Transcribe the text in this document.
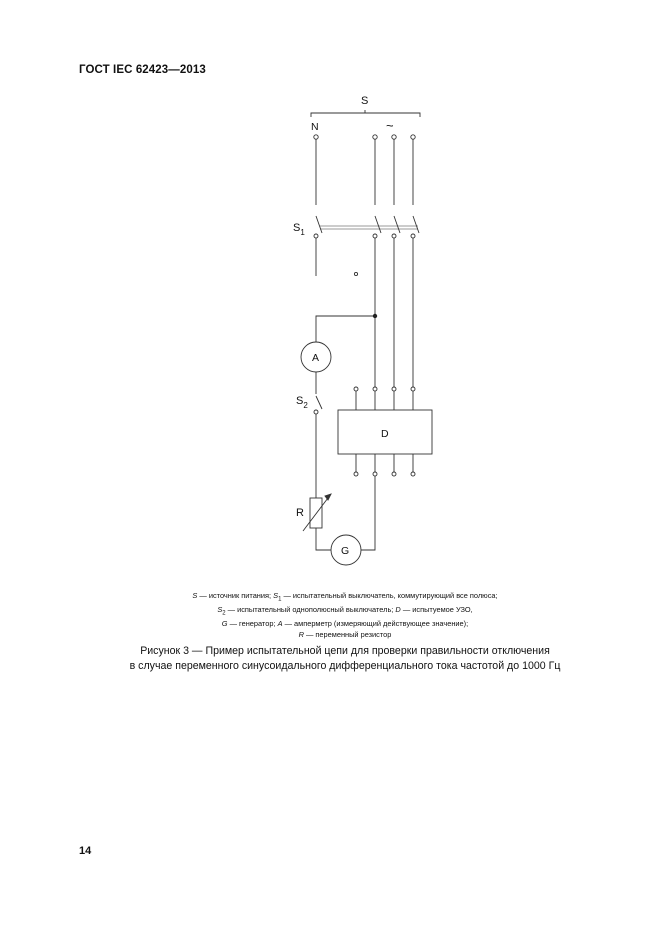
ГОСТ IEC 62423—2013
S
N	~
$S_1$
A
$S_2$
D
R
G
S — источник питания; $S_1$ — испытательный выключатель, коммутирующий все полюса;
$S_2$ — испытательный однополюсный выключатель; D — испытуемое УЗО,
G — генератор; A — амперметр (измеряющий действующее значение);
R — переменный резистор
Рисунок 3 — Пример испытательной цепи для проверки правильности отключения
в случае переменного синусоидального дифференциального тока частотой до 1000 Гц
14
